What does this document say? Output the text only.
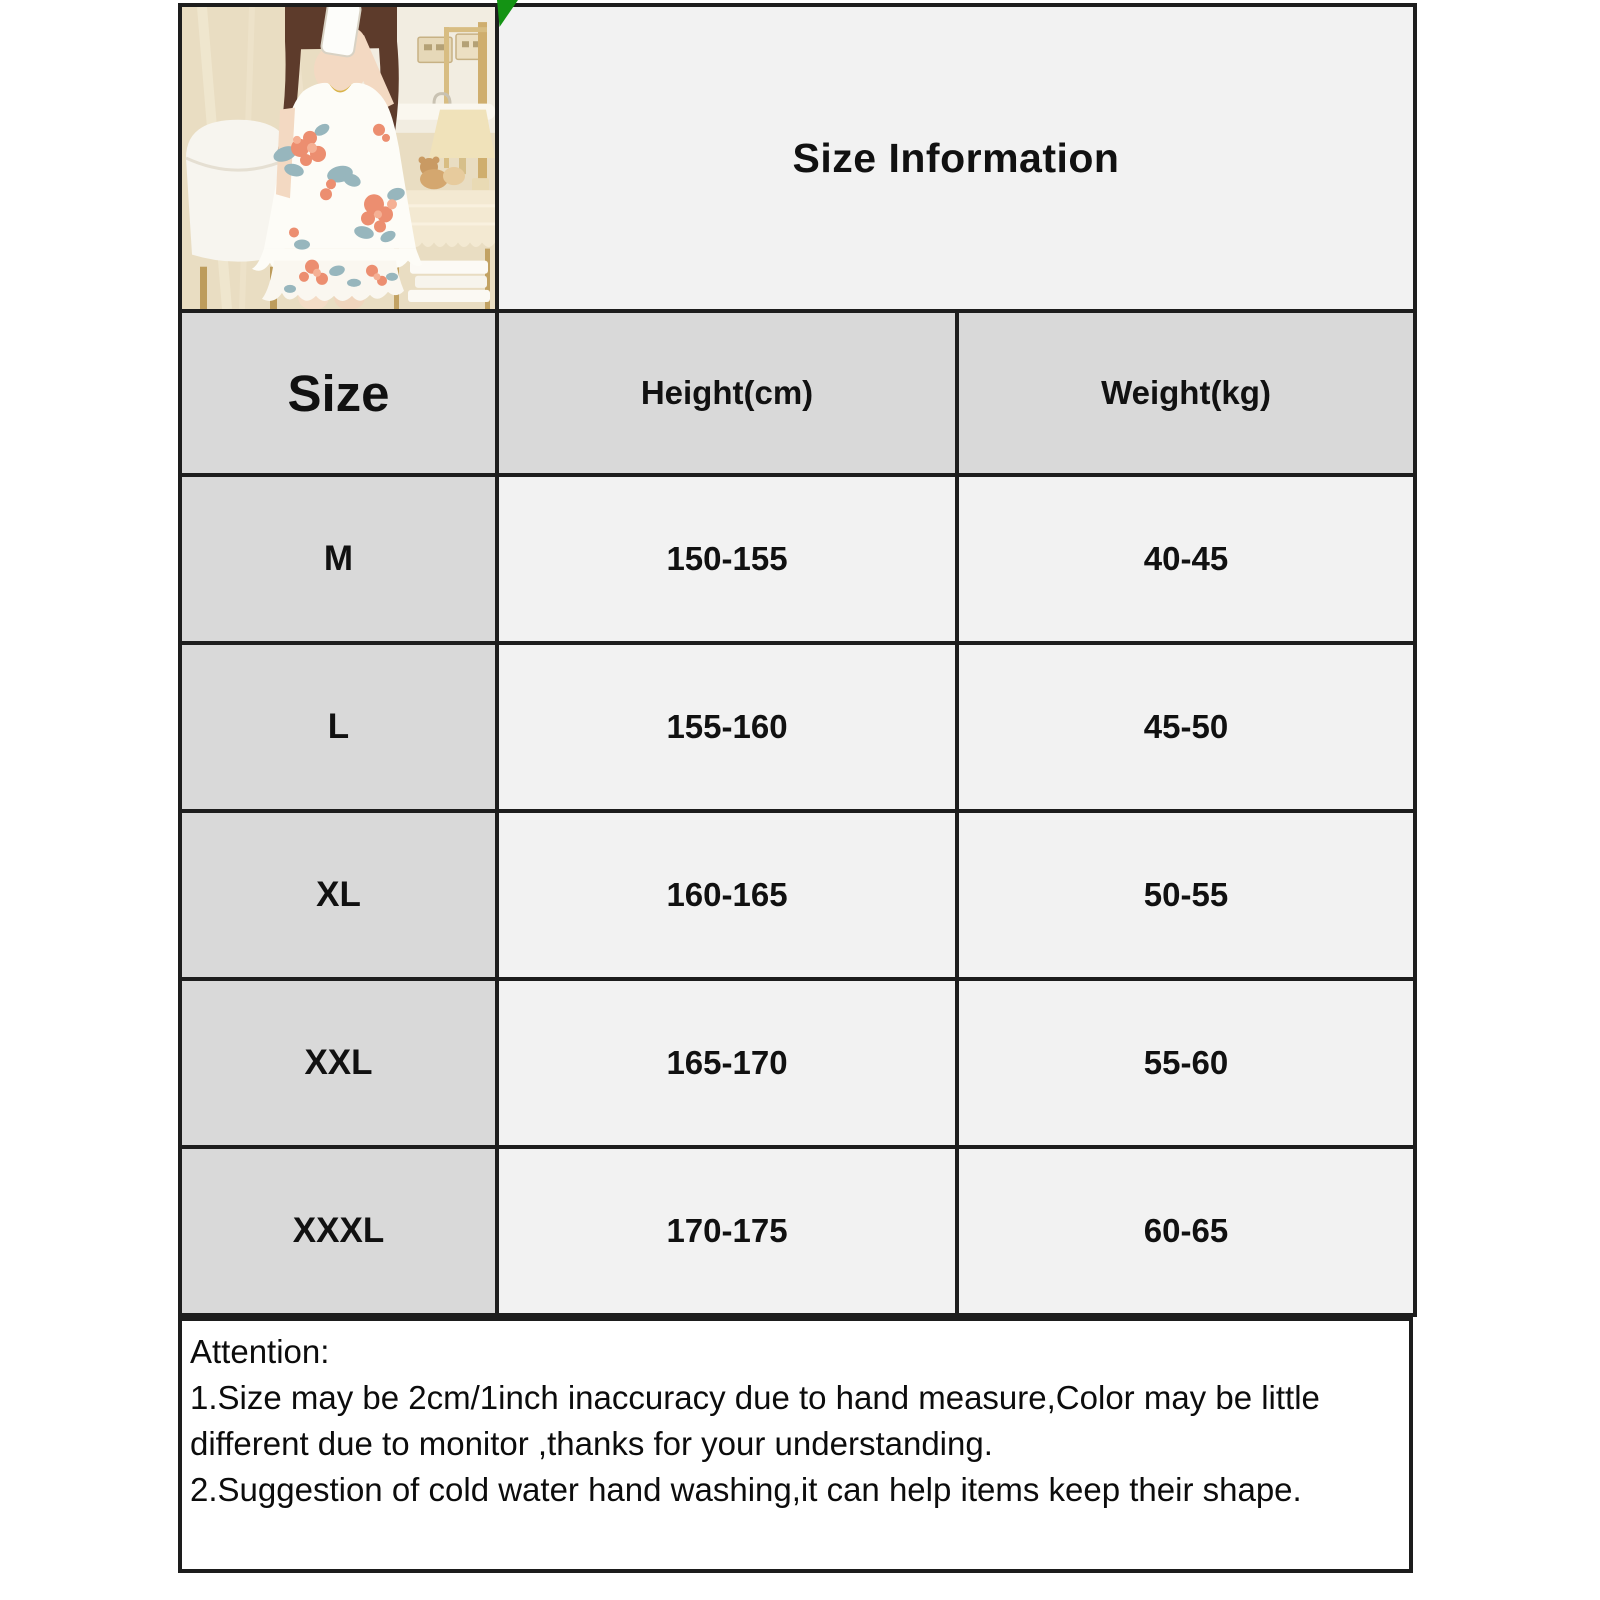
Size Information	
Size	Height(cm)	Weight(kg)
M	150-155	40-45
L	155-160	45-50
XL	160-165	50-55
XXL	165-170	55-60
XXXL	170-175	60-65
Attention:
1.Size may be 2cm/1inch inaccuracy due to hand measure,Color may be little
different due to monitor ,thanks for your understanding.
2.Suggestion of cold water hand washing,it can help items keep their shape.
